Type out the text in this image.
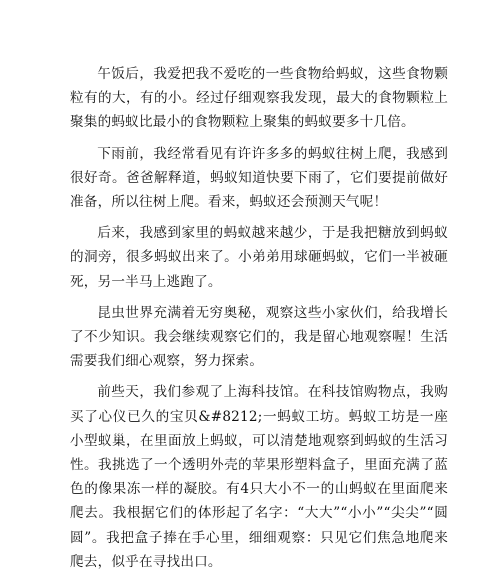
午饭后，我爱把我不爱吃的一些食物给蚂蚁，这些食物颗粒有的大，有的小。经过仔细观察我发现，最大的食物颗粒上聚集的蚂蚁比最小的食物颗粒上聚集的蚂蚁要多十几倍。

下雨前，我经常看见有许许多多的蚂蚁往树上爬，我感到很好奇。爸爸解释道，蚂蚁知道快要下雨了，它们要提前做好准备，所以往树上爬。看来，蚂蚁还会预测天气呢！

后来，我感到家里的蚂蚁越来越少，于是我把糖放到蚂蚁的洞旁，很多蚂蚁出来了。小弟弟用球砸蚂蚁，它们一半被砸死，另一半马上逃跑了。

昆虫世界充满着无穷奥秘，观察这些小家伙们，给我增长了不少知识。我会继续观察它们的，我是留心地观察喔！生活需要我们细心观察，努力探索。

前些天，我们参观了上海科技馆。在科技馆购物点，我购买了心仪已久的宝贝&#8212;一蚂蚁工坊。蚂蚁工坊是一座小型蚁巢，在里面放上蚂蚁，可以清楚地观察到蚂蚁的生活习性。我挑选了一个透明外壳的苹果形塑料盒子，里面充满了蓝色的像果冻一样的凝胶。有4只大小不一的山蚂蚁在里面爬来爬去。我根据它们的体形起了名字：“大大”“小小”“尖尖”“圆圆”。我把盒子捧在手心里，细细观察：只见它们焦急地爬来爬去，似乎在寻找出口。
